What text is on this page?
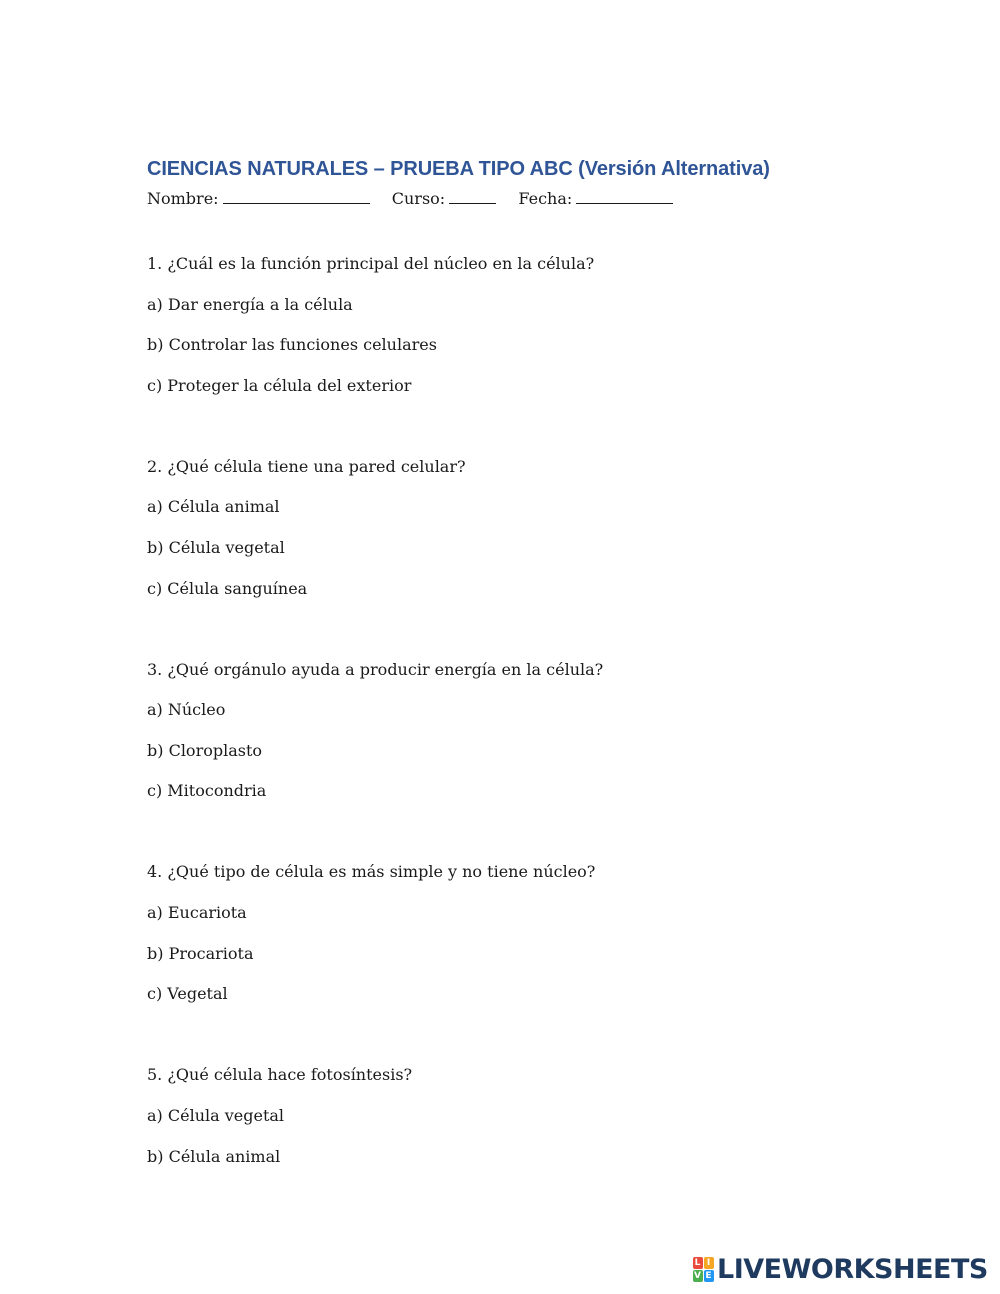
CIENCIAS NATURALES – PRUEBA TIPO ABC (Versión Alternativa)
Nombre:	Curso:	Fecha:
1. ¿Cuál es la función principal del núcleo en la célula?
a) Dar energía a la célula
b) Controlar las funciones celulares
c) Proteger la célula del exterior
2. ¿Qué célula tiene una pared celular?
a) Célula animal
b) Célula vegetal
c) Célula sanguínea
3. ¿Qué orgánulo ayuda a producir energía en la célula?
a) Núcleo
b) Cloroplasto
c) Mitocondria
4. ¿Qué tipo de célula es más simple y no tiene núcleo?
a) Eucariota
b) Procariota
c) Vegetal
5. ¿Qué célula hace fotosíntesis?
a) Célula vegetal
b) Célula animal
L I
V E LIVEWORKSHEETS
